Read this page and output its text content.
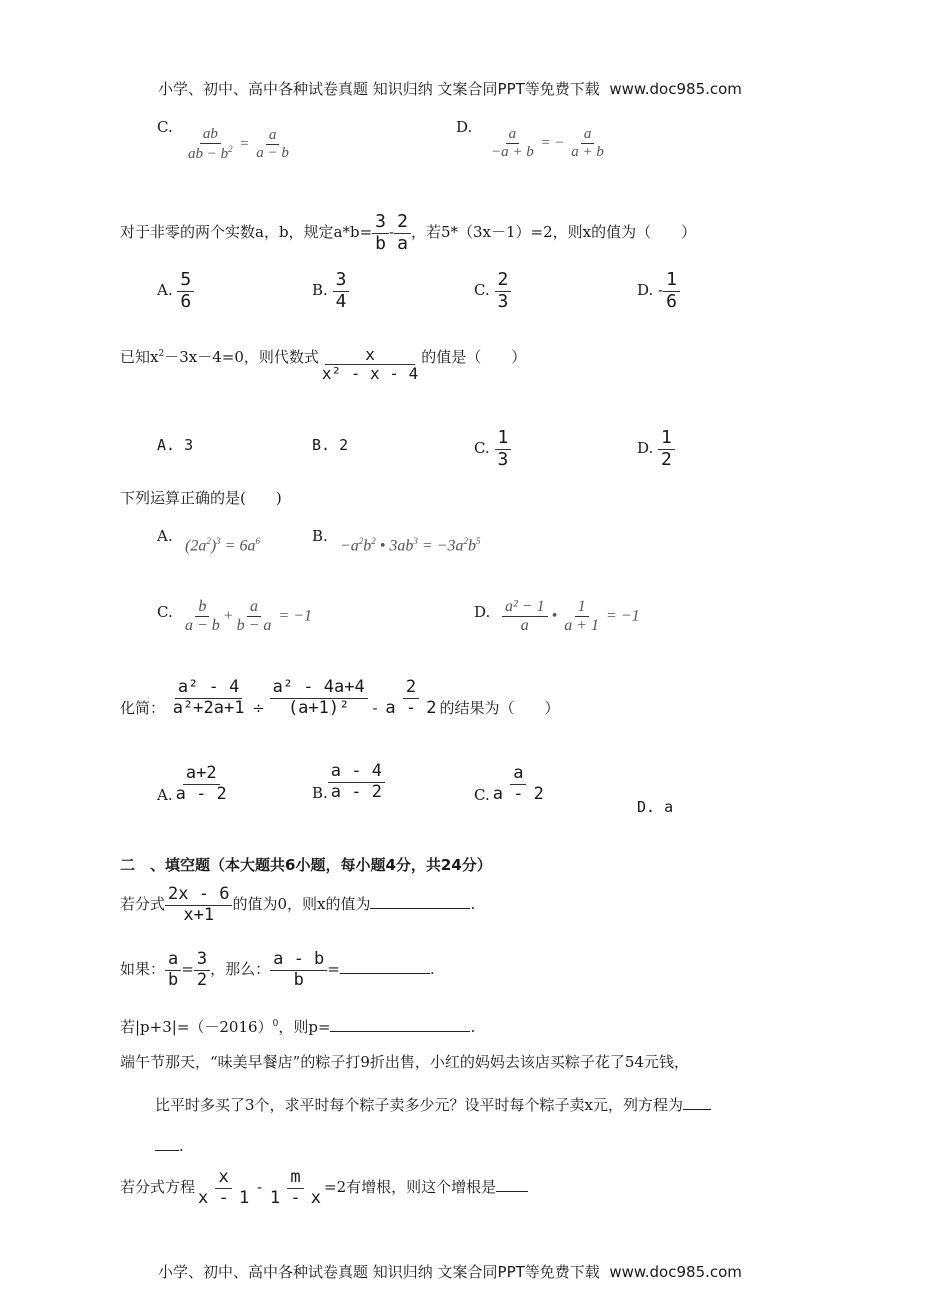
小学、初中、高中各种试卷真题 知识归纳 文案合同PPT等免费下载 www.doc985.com
C. $\frac{ab}{ab - b^2} = \frac{a}{a - b}$	D. $\frac{a}{-a + b}$ = − $\frac{a}{a + b}$
对于非零的两个实数a，b，规定$a*b= \frac{3}{b} - \frac{2}{a}$ ，若5*（3x－1）=2，则x的值为（　　）
A. $\frac{5}{6}$	B. $\frac{3}{4}$	C. $\frac{2}{3}$	D. - $\frac{1}{6}$
已知$x^2-3x-4=0$，则代数式 $\frac{x}{\text{x² - x - 4}}$ 的值是（　　）
A. 3	B. 2	C. $\frac{1}{3}$	D. $\frac{1}{2}$
下列运算正确的是(　　)
A.
$(2a^2)^3 = 6a^6$	B.
$-a^2b^2$ • $3ab^3 = -3a^2b^5$
C. $\frac{b}{a - b} + \frac{a}{b - a} = -1$	D. $\frac{\text{a² − 1}}{a}$ • $\frac{1}{a + 1} = -1$
化简： $\frac{\text{a² - 4}}{\text{a²+2a+1}} \div \frac{\text{a² - 4a+4}}{\text{(a+1)²}} - \frac{2}{a - 2}$ 的结果为（　　）
A. $\frac{a+2}{a - 2}$	B. $\frac{a - 4}{a - 2}$	C. $\frac{a}{a - 2}$
D. a
二　、填空题（本大题共6小题，每小题4分，共24分）
若分式 $\frac{2x - 6}{x+1}$ 的值为0，则x的值为	.
如果： $\frac{a}{b} = \frac{3}{2}$ ，那么： $\frac{a - b}{b}$ =	.
若$|p+3|=(-2016)^0$，则p=	.
端午节那天，“味美早餐店”的粽子打9折出售，小红的妈妈去该店买粽子花了54元钱，
比平时多买了3个，求平时每个粽子卖多少元？设平时每个粽子卖x元，列方程为
.
若分式方程 $\frac{x}{x - 1} - \frac{m}{1 - x} =2$有增根，则这个增根是
小学、初中、高中各种试卷真题 知识归纳 文案合同PPT等免费下载 www.doc985.com
